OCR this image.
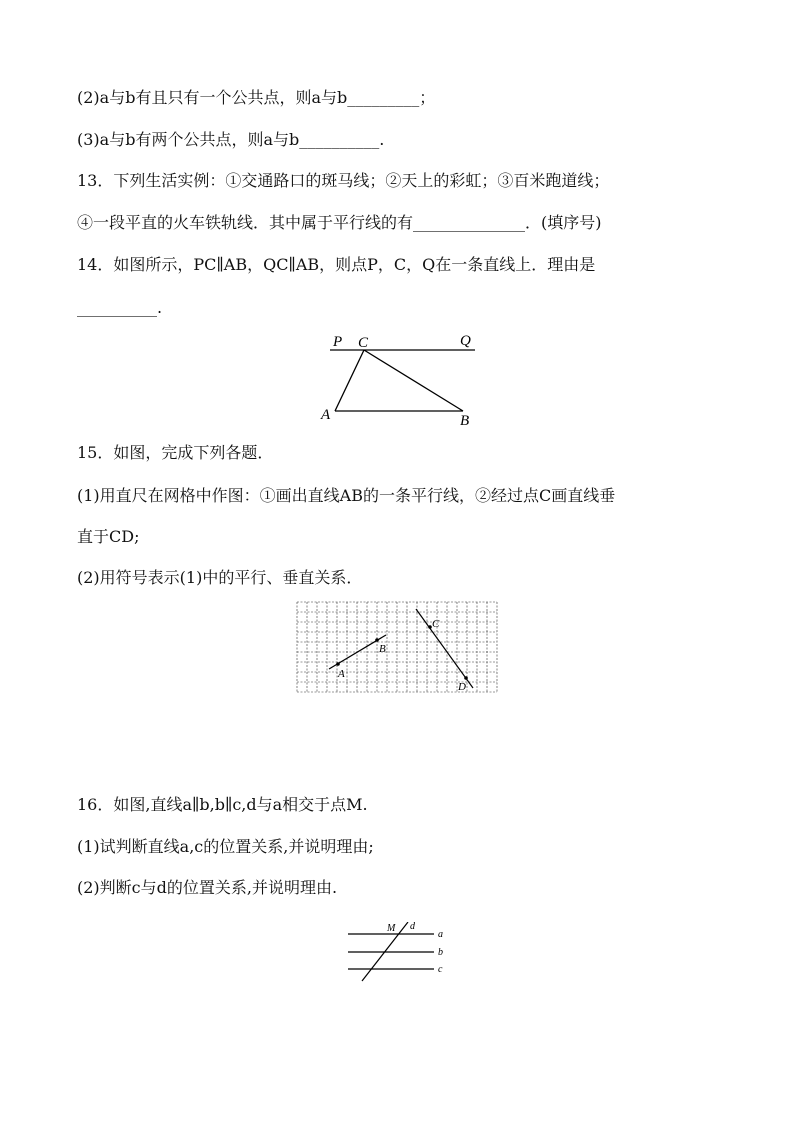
(2)a与b有且只有一个公共点，则a与b_________；
(3)a与b有两个公共点，则a与b__________.
13．下列生活实例：①交通路口的斑马线；②天上的彩虹；③百米跑道线；
④一段平直的火车铁轨线．其中属于平行线的有______________．(填序号)
14．如图所示，PC∥AB，QC∥AB，则点P，C，Q在一条直线上．理由是
__________.
15．如图，完成下列各题．
(1)用直尺在网格中作图：①画出直线AB的一条平行线，②经过点C画直线垂
直于CD;
(2)用符号表示(1)中的平行、垂直关系．
16．如图,直线a∥b,b∥c,d与a相交于点M.
(1)试判断直线a,c的位置关系,并说明理由;
(2)判断c与d的位置关系,并说明理由.
P C	Q
A	B
A
B
C
D
M d
a
b
c
